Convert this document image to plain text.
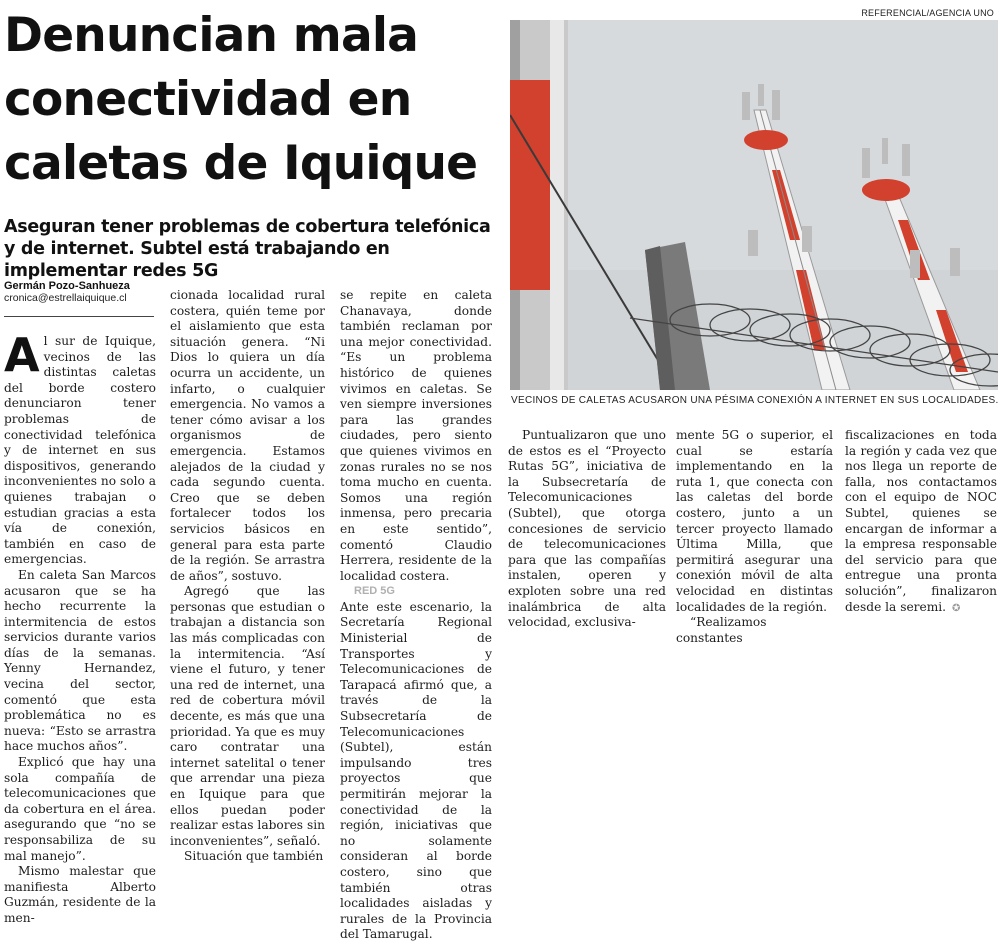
REFERENCIAL/AGENCIA UNO
Denuncian mala conectividad en caletas de Iquique

Aseguran tener problemas de cobertura telefónica y de internet. Subtel está trabajando en implementar redes 5G

VECINOS DE CALETAS ACUSARON UNA PÉSIMA CONEXIÓN A INTERNET EN SUS LOCALIDADES.
Germán Pozo-Sanhueza
cronica@estrellaiquique.cl

Al sur de Iquique, vecinos de las distintas caletas del borde costero denunciaron tener problemas de conectividad telefónica y de internet en sus dispositivos, generando inconvenientes no solo a quienes trabajan o estudian gracias a esta vía de conexión, también en caso de emergencias.

En caleta San Marcos acusaron que se ha hecho recurrente la intermitencia de estos servicios durante varios días de la semanas. Yenny Hernandez, vecina del sector, comentó que esta problemática no es nueva: “Esto se arrastra hace muchos años”.

Explicó que hay una sola compañía de telecomunicaciones que da cobertura en el área. asegurando que “no se responsabiliza de su mal manejo”.

Mismo malestar que manifiesta Alberto Guzmán, residente de la men-

cionada localidad rural costera, quién teme por el aislamiento que esta situación genera. “Ni Dios lo quiera un día ocurra un accidente, un infarto, o cualquier emergencia. No vamos a tener cómo avisar a los organismos de emergencia. Estamos alejados de la ciudad y cada segundo cuenta. Creo que se deben fortalecer todos los servicios básicos en general para esta parte de la región. Se arrastra de años”, sostuvo.

Agregó que las personas que estudian o trabajan a distancia son las más complicadas con la intermitencia. “Así viene el futuro, y tener una red de internet, una red de cobertura móvil decente, es más que una prioridad. Ya que es muy caro contratar una internet satelital o tener que arrendar una pieza en Iquique para que ellos puedan poder realizar estas labores sin inconvenientes”, señaló.

Situación que también

se repite en caleta Chanavaya, donde también reclaman por una mejor conectividad. “Es un problema histórico de quienes vivimos en caletas. Se ven siempre inversiones para las grandes ciudades, pero siento que quienes vivimos en zonas rurales no se nos toma mucho en cuenta. Somos una región inmensa, pero precaria en este sentido”, comentó Claudio Herrera, residente de la localidad costera.

RED 5G

Ante este escenario, la Secretaría Regional Ministerial de Transportes y Telecomunicaciones de Tarapacá afirmó que, a través de la Subsecretaría de Telecomunicaciones (Subtel), están impulsando tres proyectos que permitirán mejorar la conectividad de la región, iniciativas que no solamente consideran al borde costero, sino que también otras localidades aisladas y rurales de la Provincia del Tamarugal.

Puntualizaron que uno de estos es el “Proyecto Rutas 5G”, iniciativa de la Subsecretaría de Telecomunicaciones (Subtel), que otorga concesiones de servicio de telecomunicaciones para que las compañías instalen, operen y exploten sobre una red inalámbrica de alta velocidad, exclusiva-

mente 5G o superior, el cual se estaría implementando en la ruta 1, que conecta con las caletas del borde costero, junto a un tercer proyecto llamado Última Milla, que permitirá asegurar una conexión móvil de alta velocidad en distintas localidades de la región.

“Realizamos constantes

fiscalizaciones en toda la región y cada vez que nos llega un reporte de falla, nos contactamos con el equipo de NOC Subtel, quienes se encargan de informar a la empresa responsable del servicio para que entregue una pronta solución”, finalizaron desde la seremi. ✪
